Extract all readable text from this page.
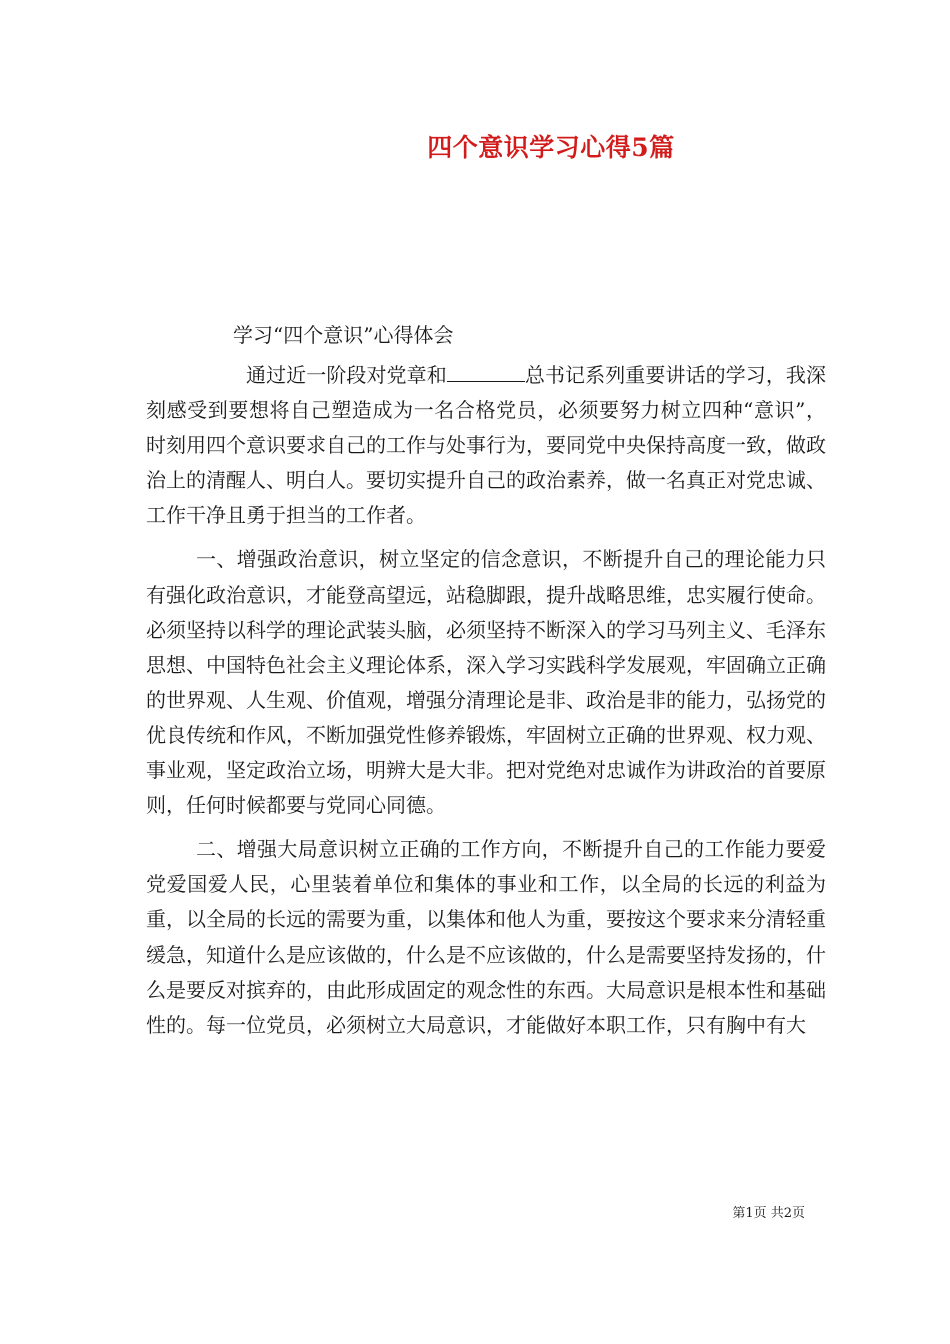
四个意识学习心得5篇
学习“四个意识”心得体会

通过近一阶段对党章和	总书记系列重要讲话的学习，我深刻感受到要想将自己塑造成为一名合格党员，必须要努力树立四种“意识”，时刻用四个意识要求自己的工作与处事行为，要同党中央保持高度一致，做政治上的清醒人、明白人。要切实提升自己的政治素养，做一名真正对党忠诚、工作干净且勇于担当的工作者。

一、增强政治意识，树立坚定的信念意识，不断提升自己的理论能力只有强化政治意识，才能登高望远，站稳脚跟，提升战略思维，忠实履行使命。必须坚持以科学的理论武装头脑，必须坚持不断深入的学习马列主义、毛泽东思想、中国特色社会主义理论体系，深入学习实践科学发展观，牢固确立正确的世界观、人生观、价值观，增强分清理论是非、政治是非的能力，弘扬党的优良传统和作风，不断加强党性修养锻炼，牢固树立正确的世界观、权力观、事业观，坚定政治立场，明辨大是大非。把对党绝对忠诚作为讲政治的首要原则，任何时候都要与党同心同德。

二、增强大局意识树立正确的工作方向，不断提升自己的工作能力要爱党爱国爱人民，心里装着单位和集体的事业和工作，以全局的长远的利益为重，以全局的长远的需要为重，以集体和他人为重，要按这个要求来分清轻重缓急，知道什么是应该做的，什么是不应该做的，什么是需要坚持发扬的，什么是要反对摈弃的，由此形成固定的观念性的东西。大局意识是根本性和基础性的。每一位党员，必须树立大局意识，才能做好本职工作，只有胸中有大

第1页 共2页
